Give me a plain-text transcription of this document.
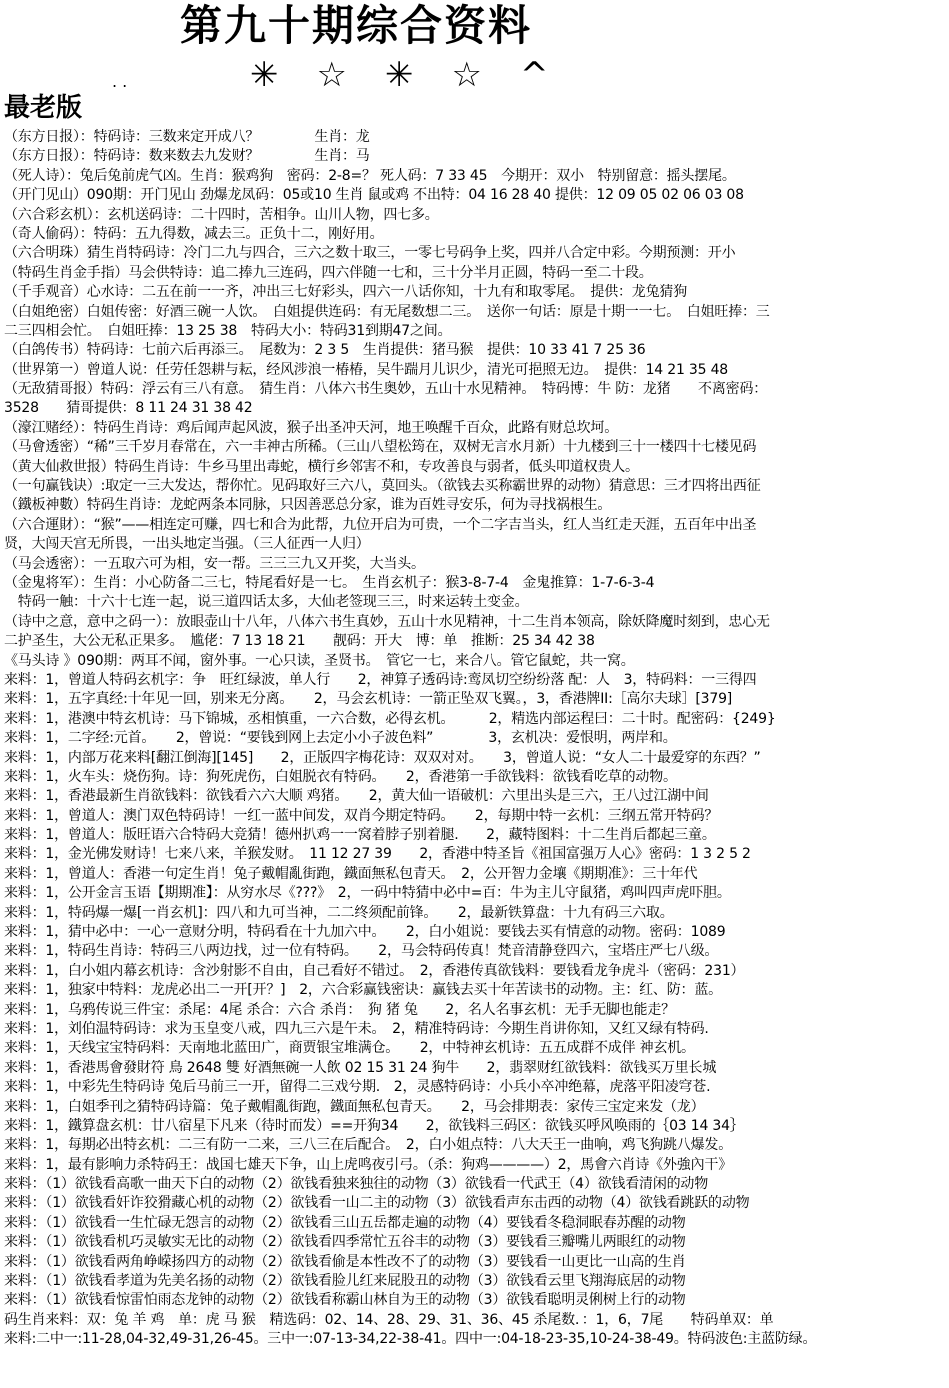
第九十期综合资料
. .	✳☆✳☆^
最老版
（东方日报）：特码诗：三数来定开成八？　　　　生肖：龙
（东方日报）：特码诗：数来数去九发财？　　　　生肖：马
（死人诗）：兔后兔前虎气凶。生肖：猴鸡狗　密码：2-8=？ 死人码：7 33 45　今期开：双小　特别留意：摇头摆尾。
（开门见山）090期：开门见山 劲爆龙凤码：05或10 生肖 鼠或鸡 不出特：04 16 28 40 提供：12 09 05 02 06 03 08
（六合彩玄机）：玄机送码诗：二十四时，苦相争。山川人物，四七多。
（奇人偷码）：特码：五九得数，减去三。正负十二，刚好用。
（六合明珠）猜生肖特码诗：冷门二九与四合，三六之数十取三，一零七号码争上奖，四并八合定中彩。今期预测：开小
（特码生肖金手指）马会供特诗：追二捧九三连码，四六伴随一七和，三十分半月正圆，特码一至二十段。
（千手观音）心水诗：二五在前一一齐，冲出三七好彩头，四六一八话你知，十九有和取零尾。　提供：龙兔猜狗
（白姐绝密）白姐传密：好酒三碗一人饮。　白姐提供连码：有无尾数想二三。　送你一句话：原是十期一一七。　白姐旺捧：三
二三四相会忙。　白姐旺捧：13 25 38　特码大小：特码31到期47之间。
（白鸽传书）特码诗：七前六后再添三。　尾数为：2 3 5　生肖提供：猪马猴　提供：10 33 41 7 25 36
（世界第一）曾道人说：任劳任怨耕与耘，经风涉浪一椿椿，吴牛踹月儿识少，清光可挹照无边。　提供：14 21 35 48
（无敌猜哥报）特码：浮云有三八有意。　猜生肖：八体六书生奥妙，五山十水见精神。　特码博：牛 防：龙猪　　不离密码：
3528　　猜哥提供：8 11 24 31 38 42
（濠江赌经）：特码生肖诗：鸡后闻声起风波，猴子出圣冲天河，地王唤醒千百众，此路有财总坎坷。
（马會透密）“稀”三千岁月春常在，六一丰神古所稀。（三山八望松筠在，双树无言水月新）十九楼到三十一楼四十七楼见码
（黄大仙救世报）特码生肖诗：牛乡马里出毒蛇，横行乡邻害不和，专攻善良与弱者，低头叩道权贵人。
（一句赢钱诀）:取定一三大发达，帮你忙。见码取好三六八，莫回头。（欲钱去买称霸世界的动物）猜意思：三才四将出西征
（鐵板神數）特码生肖诗：龙蛇两条本同脉，只因善恶总分家，谁为百姓寻安乐，何为寻找祸根生。
（六合運財）：“猴”——相连定可赚，四七和合为此帮，九位开启为可贵，一个二字吉当头，红人当红走天涯，五百年中出圣
贤，大闯天宫无所畏，一出头地定当强。（三人征西一人归）
（马会透密）：一五取六可为相，安一帮。三三三九又开奖，大当头。
（金鬼将军）：生肖：小心防备二三七，特尾看好是一七。　生肖玄机子：猴3-8-7-4　金鬼推算：1-7-6-3-4
　特码一触：十六十七连一起，说三道四话太多，大仙老签现三三，时来运转土变金。
（诗中之意，意中之码一）：放眼壶山十八年，八体六书生真妙，五山十水见精神，十二生肖本领高，除妖降魔时刻到，忠心无
二护圣生，大公无私正果多。　尴佬：7 13 18 21　　靓码：开大　博：单　推断：25 34 42 38
《马头诗 》090期：两耳不闻，窗外事。一心只读，圣贤书。　管它一七，来合八。管它鼠蛇，共一窝。
来料：1，曾道人特码玄机字：争　旺红绿波，单人行　　2，神算子透码诗:鸾凤切空纷纷落 配：人　3，特码料：一三得四
来料：1，五字真经:十年见一回，别来无分离。　　2，马会玄机诗：一箭正坠双飞翼。，3，香港牌II:［高尔夫球］[379]
来料：1，港澳中特玄机诗：马下锦城，丞相慎重，一六合数，必得玄机。　　　2，精选内部运程曰：二十时。配密码：{249}
来料：1，二字经:元首。　　2，曾说：“要钱到网上去定小小子波色料”　　　　3，玄机决：爱恨明，两岸和。
来料：1，内部万花来料[翻江倒海][145]　　2，正版四字梅花诗：双双对对。　　3，曾道人说：“女人二十最爱穿的东西？”
来料：1，火车头：烧伤狗。诗：狗死虎伤，白姐脱衣有特码。　　2，香港第一手欲钱料：欲钱看吃草的动物。
来料：1，香港最新生肖欲钱料：欲钱看六六大顺 鸡猪。　　2，黄大仙一语破机：六里出头是三六，王八过江湖中间
来料：1，曾道人：澳门双色特码诗！一红一蓝中间发，双肖今期定特码。　　2，每期中特一玄机：三纲五常开特码？
来料：1，曾道人：版旺语六合特码大竞猜！德州扒鸡一一窝着脖子别着腿.　　2，藏特图料：十二生肖后都起三童。
来料：1，金光佛发财诗！七来八来，羊猴发财。　11 12 27 39　　2，香港中特圣旨《祖国富强万人心》密码：1 3 2 5 2
来料：1，曾道人：香港一句定生肖！兔子戴帽亂街跑，鐵面無私包青天。　2，公开智力金壤《期期准》：三十年代
来料：1，公开金言玉语【期期准】：从穷水尽《???》　2，一码中特猜中必中=百：牛为主儿守鼠猪，鸡叫四声虎吓胆。
来料：1，特码爆一爆[一肖玄机]：四八和九可当神，二二终须配前锋。　　2，最新铁算盘：十九有码三六取。
来料：1，猜中必中：一心一意财分明，特码看在十九加六中。　　2，白小姐说：要钱去买有情意的动物。密码：1089
来料：1，特码生肖诗：特码三八两边找，过一位有特码。　　2，马会特码传真！梵音清静登四六，宝塔庄严七八级。
来料：1，白小姐内幕玄机诗：含沙射影不自由，自己看好不错过。　2，香港传真欲钱料：要钱看龙争虎斗（密码：231）
来料：1，独家中特料：龙虎必出二一开[开？]　2，六合彩赢钱密诀：赢钱去买十年苦读书的动物。主：红、防：蓝。
来料：1，乌鸦传说三件宝：杀尾：4尾 杀合：六合 杀肖：　狗 猪 兔　　2，名人名事玄机：无手无脚也能走？
来料：1，刘伯温特码诗：求为玉皇变八戒，四九三六是午未。　2，精准特码诗：今期生肖讲你知，又红又绿有特码.
来料：1，天线宝宝特码料：天南地北蓝田广，商贾银宝堆满仓。　　2，中特神玄机诗：五五成群不成伴 神玄机。
来料：1，香港馬會發財符 鳥 2648 雙 好酒無碗一人飲 02 15 31 24 狗牛　　2，翡翠财红欲钱料：欲钱买万里长城
来料：1，中彩先生特码诗 兔后马前三一开，留得二三戏兮期.　2，灵感特码诗：小兵小卒冲绝幕，虎落平阳凌穹苍.
来料：1，白姐季刊之猜特码诗篇：兔子戴帽亂街跑，鐵面無私包青天。　　2，马会排期表：家传三宝定来发（龙）
来料：1，鐵算盘玄机：廿八宿星下凡来（待时而发）==开狗34　　2，欲钱料三码区：欲钱买呼风唤雨的｛03 14 34｝
来料：1，每期必出特玄机：二三有防一二来，三八三在后配合。　2，白小姐点特：八大天王一曲响，鸡飞狗跳八爆发。
来料：1，最有影响力杀特码王：战国七雄天下争，山上虎鸣夜引弓。（杀：狗鸡————）2，馬會六肖诗《外強內干》
来料：（1）欲钱看高歌一曲天下白的动物（2）欲钱看独来独往的动物（3）欲钱看一代武王（4）欲钱看清闲的动物
来料：（1）欲钱看奸诈狡猾藏心机的动物（2）欲钱看一山二主的动物（3）欲钱看声东击西的动物（4）欲钱看跳跃的动物
来料：（1）欲钱看一生忙碌无怨言的动物（2）欲钱看三山五岳都走遍的动物（4）要钱看冬稳洞眠春苏醒的动物
来料：（1）欲钱看机巧灵敏实无比的动物（2）欲钱看四季常忙五谷丰的动物（3）要钱看三瓣嘴儿两眼红的动物
来料：（1）欲钱看两角峥嵘扬四方的动物（2）欲钱看偷是本性改不了的动物（3）要钱看一山更比一山高的生肖
来料：（1）欲钱看孝道为先美名扬的动物（2）欲钱看脸儿红来屁股丑的动物（3）欲钱看云里飞翔海底居的动物
来料：（1）欲钱看惊雷怕雨态龙钟的动物（2）欲钱看称霸山林自为王的动物（3）欲钱看聪明灵俐树上行的动物
码生肖来料：双：兔 羊 鸡　单：虎 马 猴　精选码：02、14、28、29、31、36、45 杀尾数．：1，6，7尾　　特码单双：单
来料:二中一:11-28,04-32,49-31,26-45。三中一:07-13-34,22-38-41。四中一:04-18-23-35,10-24-38-49。特码波色:主蓝防绿。
